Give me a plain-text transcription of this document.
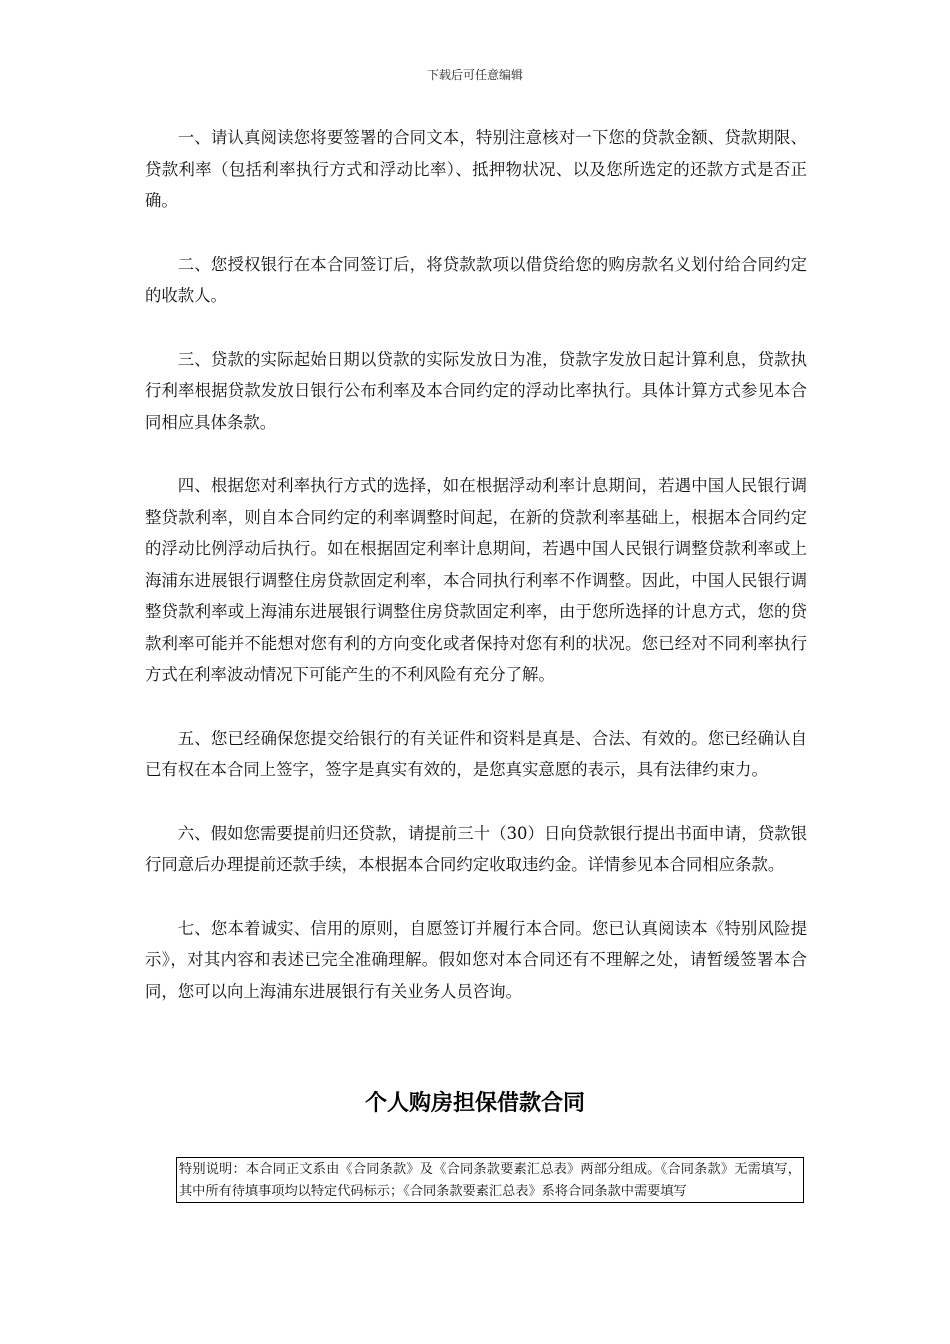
下载后可任意编辑

一、请认真阅读您将要签署的合同文本，特别注意核对一下您的贷款金额、贷款期限、贷款利率（包括利率执行方式和浮动比率）、抵押物状况、以及您所选定的还款方式是否正确。

二、您授权银行在本合同签订后，将贷款款项以借贷给您的购房款名义划付给合同约定的收款人。

三、贷款的实际起始日期以贷款的实际发放日为准，贷款字发放日起计算利息，贷款执行利率根据贷款发放日银行公布利率及本合同约定的浮动比率执行。具体计算方式参见本合同相应具体条款。

四、根据您对利率执行方式的选择，如在根据浮动利率计息期间，若遇中国人民银行调整贷款利率，则自本合同约定的利率调整时间起，在新的贷款利率基础上，根据本合同约定的浮动比例浮动后执行。如在根据固定利率计息期间，若遇中国人民银行调整贷款利率或上海浦东进展银行调整住房贷款固定利率，本合同执行利率不作调整。因此，中国人民银行调整贷款利率或上海浦东进展银行调整住房贷款固定利率，由于您所选择的计息方式，您的贷款利率可能并不能想对您有利的方向变化或者保持对您有利的状况。您已经对不同利率执行方式在利率波动情况下可能产生的不利风险有充分了解。

五、您已经确保您提交给银行的有关证件和资料是真是、合法、有效的。您已经确认自已有权在本合同上签字，签字是真实有效的，是您真实意愿的表示，具有法律约束力。

六、假如您需要提前归还贷款，请提前三十（30）日向贷款银行提出书面申请，贷款银行同意后办理提前还款手续，本根据本合同约定收取违约金。详情参见本合同相应条款。

七、您本着诚实、信用的原则，自愿签订并履行本合同。您已认真阅读本《特别风险提示》，对其内容和表述已完全准确理解。假如您对本合同还有不理解之处，请暂缓签署本合同，您可以向上海浦东进展银行有关业务人员咨询。

个人购房担保借款合同
特别说明：本合同正文系由《合同条款》及《合同条款要素汇总表》两部分组成。《合同条款》无需填写，其中所有待填事项均以特定代码标示；《合同条款要素汇总表》系将合同条款中需要填写
